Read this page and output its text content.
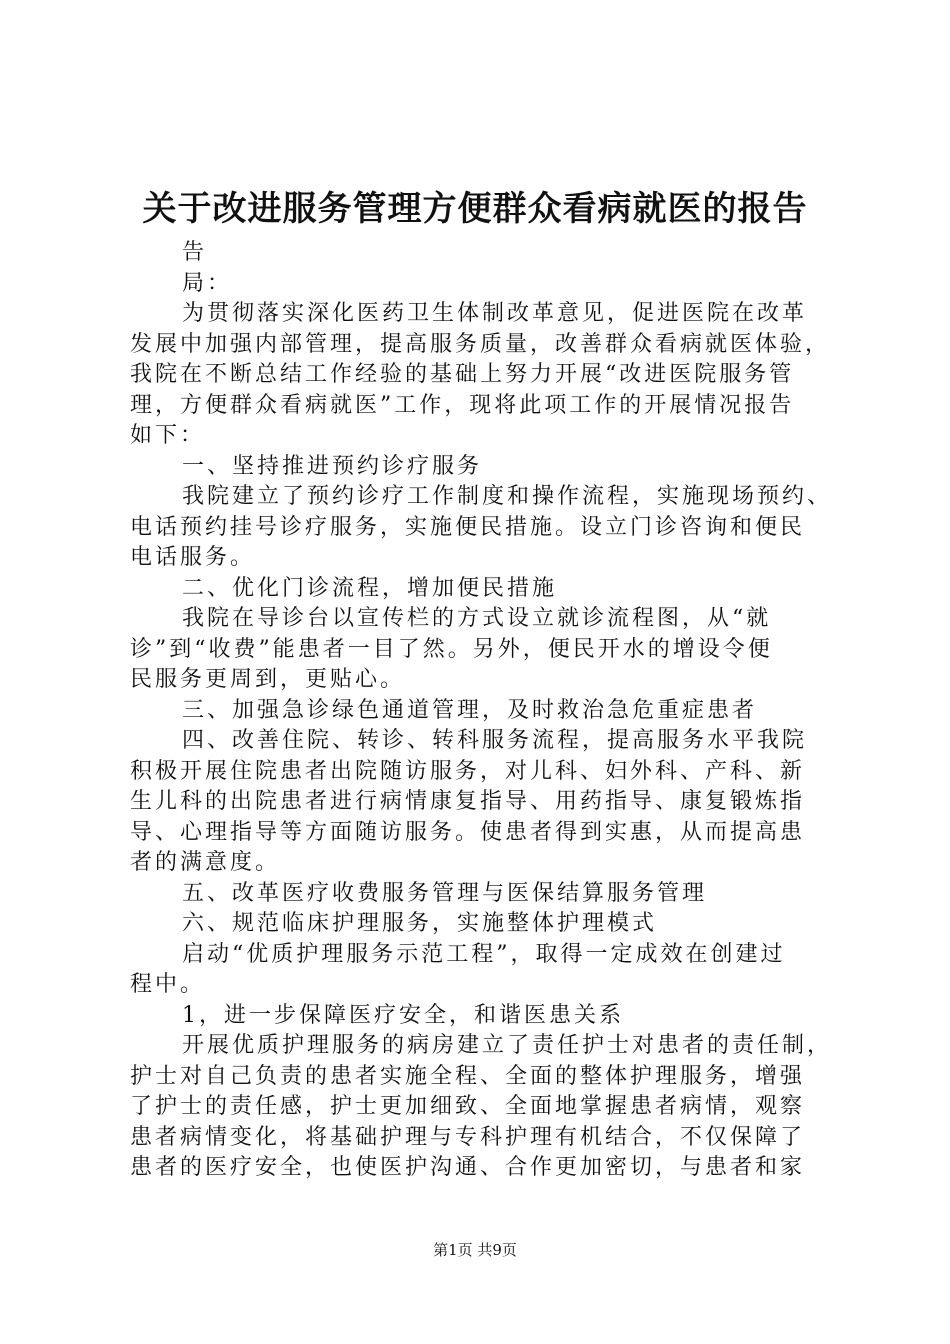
关于改进服务管理方便群众看病就医的报告
告
局：
为贯彻落实深化医药卫生体制改革意见，促进医院在改革
发展中加强内部管理，提高服务质量，改善群众看病就医体验，
我院在不断总结工作经验的基础上努力开展“改进医院服务管
理，方便群众看病就医”工作，现将此项工作的开展情况报告
如下：
一、坚持推进预约诊疗服务
我院建立了预约诊疗工作制度和操作流程，实施现场预约、
电话预约挂号诊疗服务，实施便民措施。设立门诊咨询和便民
电话服务。
二、优化门诊流程，增加便民措施
我院在导诊台以宣传栏的方式设立就诊流程图，从“就
诊”到“收费”能患者一目了然。另外，便民开水的增设令便
民服务更周到，更贴心。
三、加强急诊绿色通道管理，及时救治急危重症患者
四、改善住院、转诊、转科服务流程，提高服务水平我院
积极开展住院患者出院随访服务，对儿科、妇外科、产科、新
生儿科的出院患者进行病情康复指导、用药指导、康复锻炼指
导、心理指导等方面随访服务。使患者得到实惠，从而提高患
者的满意度。
五、改革医疗收费服务管理与医保结算服务管理
六、规范临床护理服务，实施整体护理模式
启动“优质护理服务示范工程”，取得一定成效在创建过
程中。
1，进一步保障医疗安全，和谐医患关系
开展优质护理服务的病房建立了责任护士对患者的责任制，
护士对自己负责的患者实施全程、全面的整体护理服务，增强
了护士的责任感，护士更加细致、全面地掌握患者病情，观察
患者病情变化，将基础护理与专科护理有机结合，不仅保障了
患者的医疗安全，也使医护沟通、合作更加密切，与患者和家
第1页 共9页
